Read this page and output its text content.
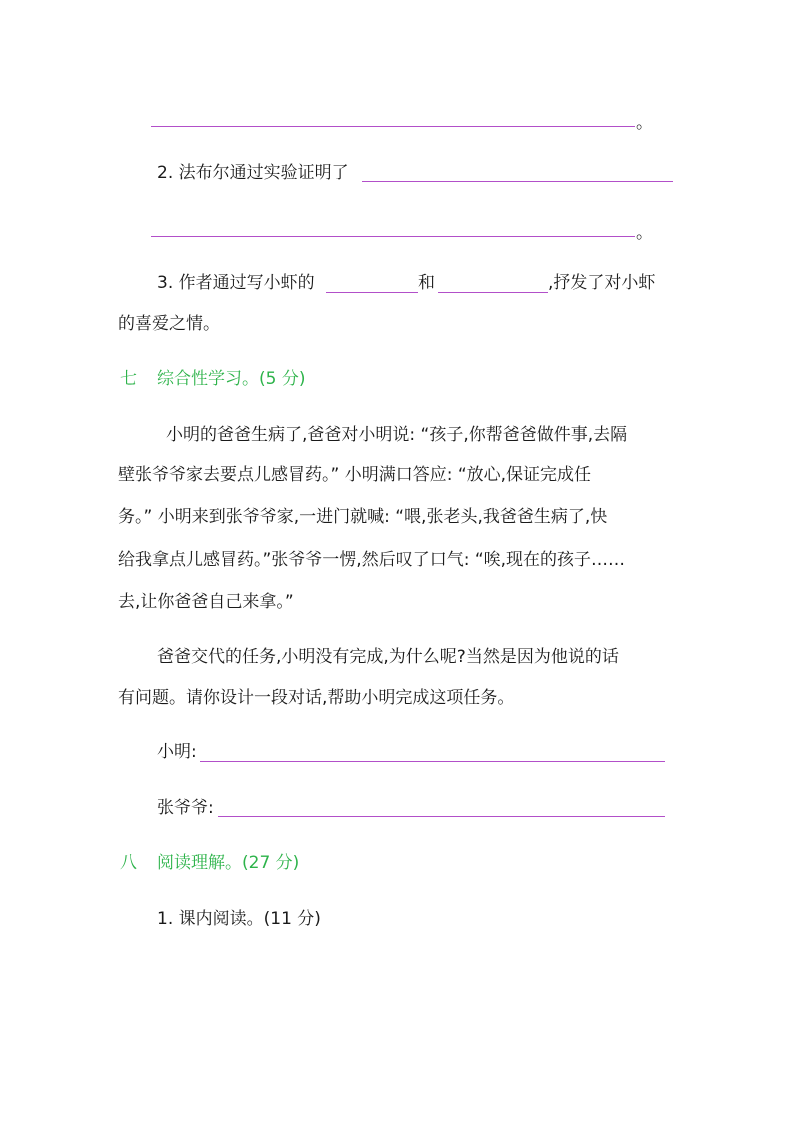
。
2. 法布尔通过实验证明了
。
3. 作者通过写小虾的	和	,抒发了对小虾
的喜爱之情。
七 综合性学习。(5 分)
小明的爸爸生病了,爸爸对小明说: “孩子,你帮爸爸做件事,去隔
壁张爷爷家去要点儿感冒药。” 小明满口答应: “放心,保证完成任
务。” 小明来到张爷爷家,一进门就喊: “喂,张老头,我爸爸生病了,快
给我拿点儿感冒药。”张爷爷一愣,然后叹了口气: “唉,现在的孩子……
去,让你爸爸自己来拿。”
爸爸交代的任务,小明没有完成,为什么呢?当然是因为他说的话
有问题。请你设计一段对话,帮助小明完成这项任务。
小明:
张爷爷:
八 阅读理解。(27 分)
1. 课内阅读。(11 分)
